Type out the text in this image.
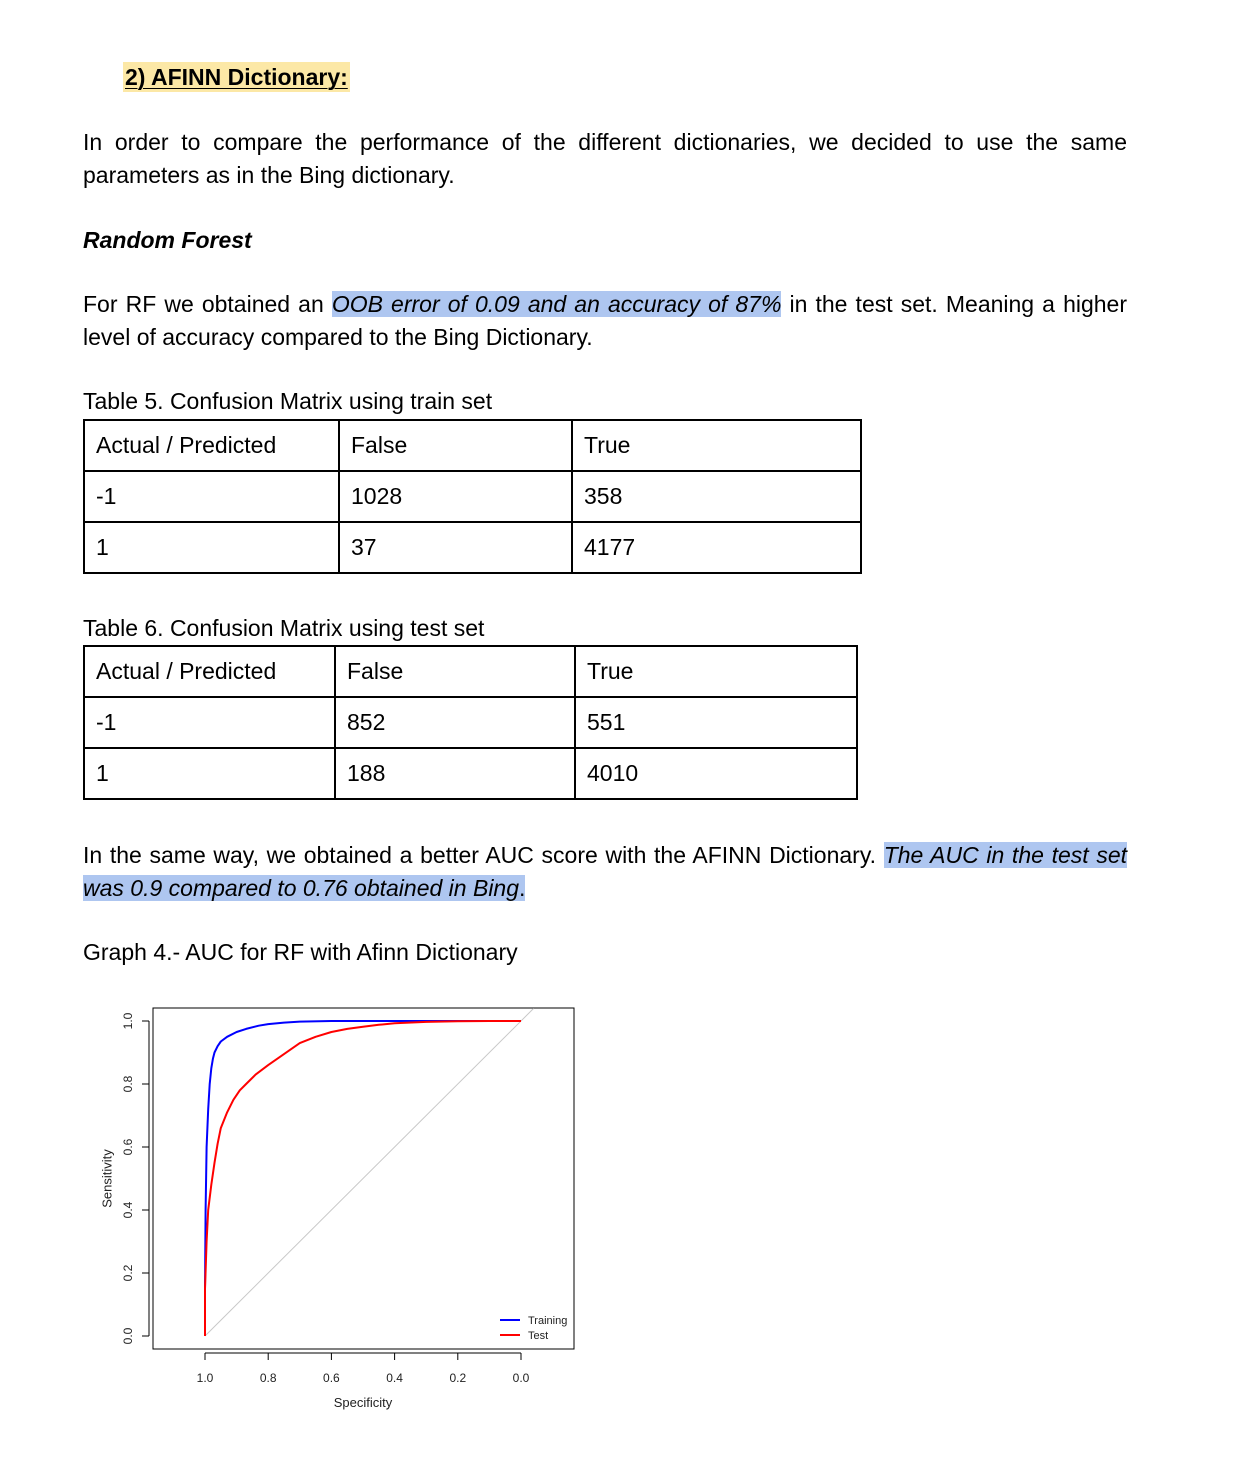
2) AFINN Dictionary:

In order to compare the performance of the different dictionaries, we decided to use the same parameters as in the Bing dictionary.

Random Forest

For RF we obtained an OOB error of 0.09 and an accuracy of 87% in the test set. Meaning a higher level of accuracy compared to the Bing Dictionary.

Table 5. Confusion Matrix using train set

Actual / Predicted	False	True
-1	1028	358
1	37	4177

Table 6. Confusion Matrix using test set

Actual / Predicted	False	True
-1	852	551
1	188	4010

In the same way, we obtained a better AUC score with the AFINN Dictionary. The AUC in the test set was 0.9 compared to 0.76 obtained in Bing.

Graph 4.- AUC for RF with Afinn Dictionary

1.0	0.8	0.6	0.4	0.2	0.0
Specificity
0.0
0.2
0.4
0.6
0.8
1.0
Sensitivity
Training
Test
